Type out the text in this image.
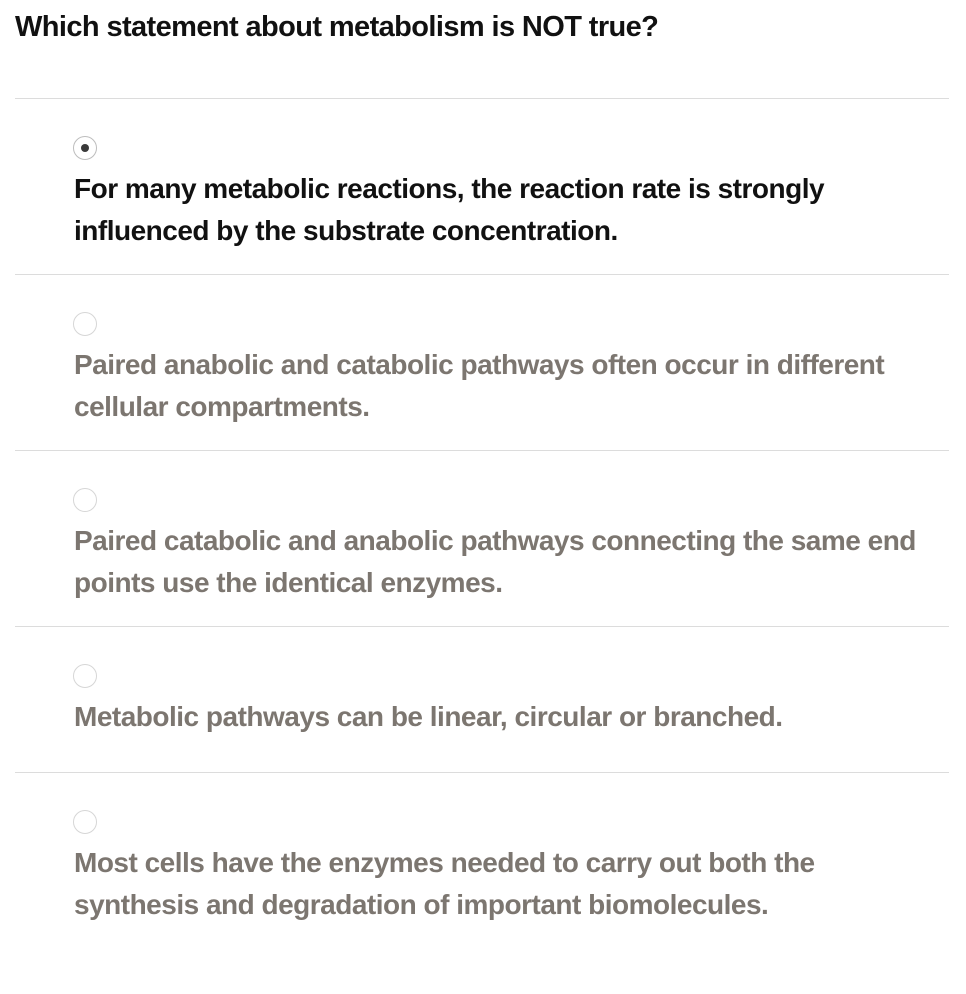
Which statement about metabolism is NOT true?

For many metabolic reactions, the reaction rate is strongly influenced by the substrate concentration.

Paired anabolic and catabolic pathways often occur in different cellular compartments.

Paired catabolic and anabolic pathways connecting the same end points use the identical enzymes.

Metabolic pathways can be linear, circular or branched.

Most cells have the enzymes needed to carry out both the synthesis and degradation of important biomolecules.
